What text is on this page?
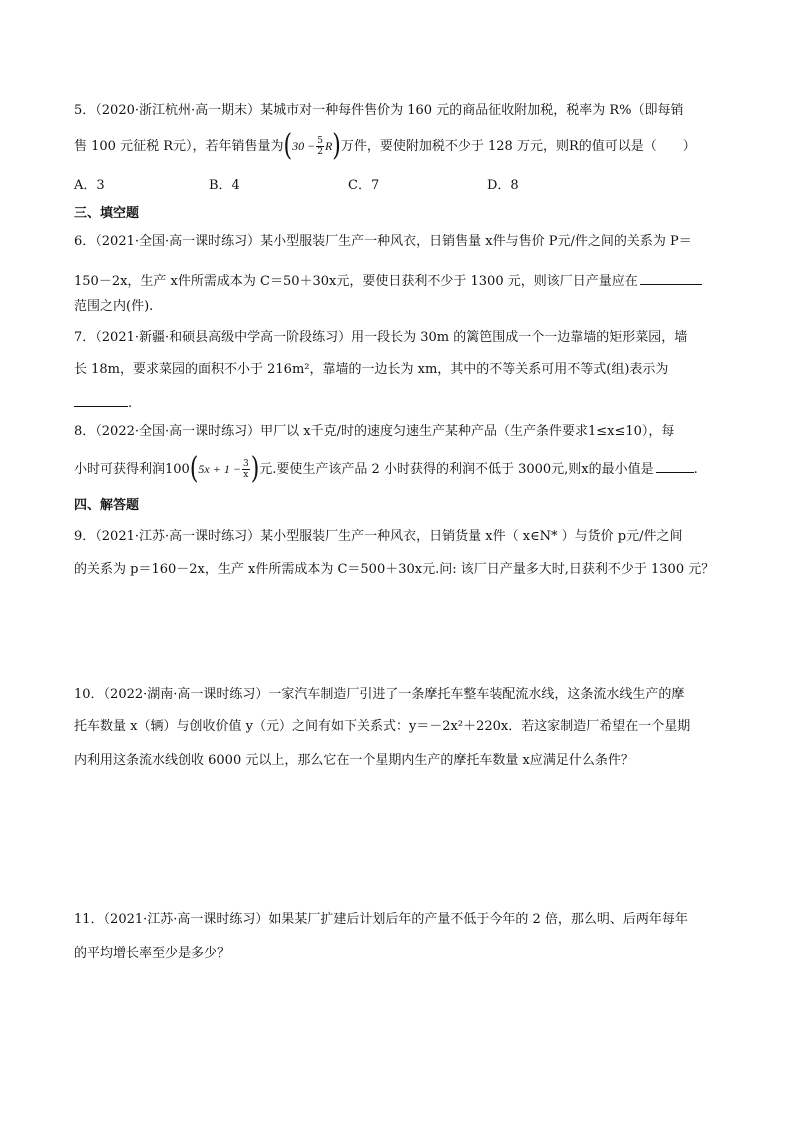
5．（2020·浙江杭州·高一期末）某城市对一种每件售价为 160 元的商品征收附加税，税率为 R%（即每销
售 100 元征税 R元），若年销售量为$(30 - \frac{5}{2} R)$万件，要使附加税不少于 128 万元，则R的值可以是（　　）
A．3	B．4	C．7	D．8
三、填空题
6．（2021·全国·高一课时练习）某小型服装厂生产一种风衣，日销售量 x件与售价 P元/件之间的关系为 P＝
150－2x，生产 x件所需成本为 C＝50＋30x元，要使日获利不少于 1300 元，则该厂日产量应在
范围之内(件).
7．（2021·新疆·和硕县高级中学高一阶段练习）用一段长为 30m 的篱笆围成一个一边靠墙的矩形菜园，墙
长 18m，要求菜园的面积不小于 216m²，靠墙的一边长为 xm，其中的不等关系可用不等式(组)表示为
.
8．（2022·全国·高一课时练习）甲厂以 x千克/时的速度匀速生产某种产品（生产条件要求1≤x≤10），每
小时可获得利润$100(5x + 1 - \frac{3}{x}$ )元.要使生产该产品 2 小时获得的利润不低于 3000元,则x的最小值是	.
四、解答题
9．（2021·江苏·高一课时练习）某小型服装厂生产一种风衣，日销货量 x件（ x∈N* ）与货价 p元/件之间
的关系为 p＝160－2x，生产 x件所需成本为 C＝500＋30x元.问: 该厂日产量多大时,日获利不少于 1300 元？
10．（2022·湖南·高一课时练习）一家汽车制造厂引进了一条摩托车整车装配流水线，这条流水线生产的摩
托车数量 x（辆）与创收价值 y（元）之间有如下关系式：y＝－2x²＋220x．若这家制造厂希望在一个星期
内利用这条流水线创收 6000 元以上，那么它在一个星期内生产的摩托车数量 x应满足什么条件？
11．（2021·江苏·高一课时练习）如果某厂扩建后计划后年的产量不低于今年的 2 倍，那么明、后两年每年
的平均增长率至少是多少？
